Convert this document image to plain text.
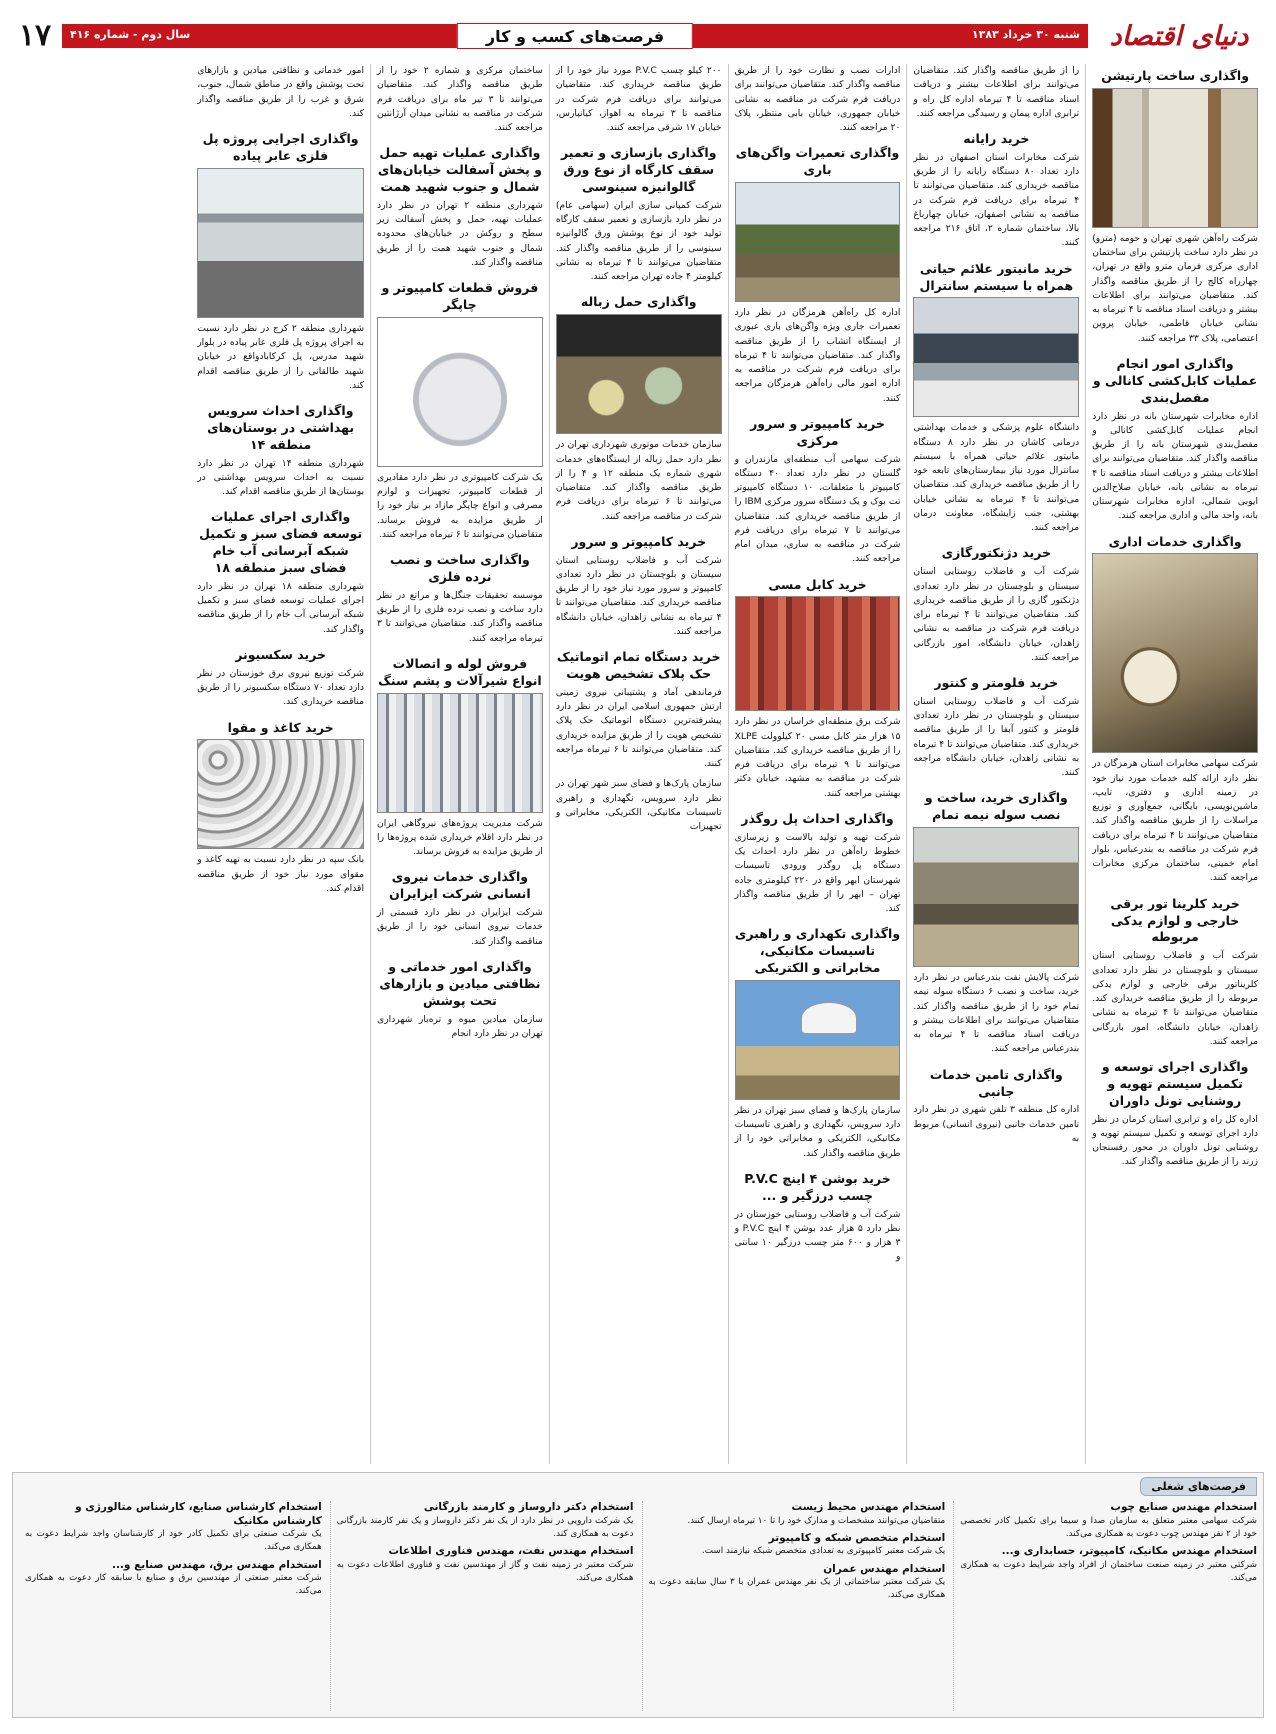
دنیای اقتصاد
شنبه ۳۰ خرداد ۱۳۸۳
فرصت‌های کسب و کار
سال دوم - شماره ۴۱۶
۱۷
واگذاری ساخت پارتیشن

شرکت راه‌آهن شهری تهران و حومه (مترو) در نظر دارد ساخت پارتیشن برای ساختمان اداری مرکزی فرمان مترو واقع در تهران، چهارراه کالج را از طریق مناقصه واگذار کند. متقاضیان می‌توانند برای اطلاعات بیشتر و دریافت اسناد مناقصه تا ۴ تیرماه به نشانی خیابان فاطمی، خیابان پروین اعتصامی، پلاک ۳۳ مراجعه کنند.

واگذاری امور انجام عملیات کابل‌کشی کانالی و مفصل‌بندی

اداره مخابرات شهرستان بانه در نظر دارد انجام عملیات کابل‌کشی کانالی و مفصل‌بندی شهرستان بانه را از طریق مناقصه واگذار کند. متقاضیان می‌توانند برای اطلاعات بیشتر و دریافت اسناد مناقصه تا ۴ تیرماه به نشانی بانه، خیابان صلاح‌الدین ایوبی شمالی، اداره مخابرات شهرستان بانه، واحد مالی و اداری مراجعه کنند.

واگذاری خدمات اداری

شرکت سهامی مخابرات استان هرمزگان در نظر دارد ارائه کلیه خدمات مورد نیاز خود در زمینه اداری و دفتری، تایپ، ماشین‌نویسی، بایگانی، جمع‌آوری و توزیع مراسلات را از طریق مناقصه واگذار کند. متقاضیان می‌توانند تا ۴ تیرماه برای دریافت فرم شرکت در مناقصه به بندرعباس، بلوار امام خمینی، ساختمان مرکزی مخابرات مراجعه کنند.

خرید کلرینا تور برقی خارجی و لوازم یدکی مربوطه

شرکت آب و فاضلاب روستایی استان سیستان و بلوچستان در نظر دارد تعدادی کلریناتور برقی خارجی و لوازم یدکی مربوطه را از طریق مناقصه خریداری کند. متقاضیان می‌توانند تا ۴ تیرماه به نشانی زاهدان، خیابان دانشگاه، امور بازرگانی مراجعه کنند.

واگذاری اجرای توسعه و تکمیل سیستم تهویه و روشنایی تونل داوران

اداره کل راه و ترابری استان کرمان در نظر دارد اجرای توسعه و تکمیل سیستم تهویه و روشنایی تونل داوران در محور رفسنجان زرند را از طریق مناقصه واگذار کند.

را از طریق مناقصه واگذار کند. متقاضیان می‌توانند برای اطلاعات بیشتر و دریافت اسناد مناقصه تا ۴ تیرماه اداره کل راه و ترابری اداره پیمان و رسیدگی مراجعه کنند.

خرید رایانه

شرکت مخابرات استان اصفهان در نظر دارد تعداد ۸۰ دستگاه رایانه را از طریق مناقصه خریداری کند. متقاضیان می‌توانند تا ۴ تیرماه برای دریافت فرم شرکت در مناقصه به نشانی اصفهان، خیابان چهارباغ بالا، ساختمان شماره ۲، اتاق ۲۱۶ مراجعه کنند.

خرید مانیتور علائم حیاتی همراه با سیستم سانترال

دانشگاه علوم پزشکی و خدمات بهداشتی درمانی کاشان در نظر دارد ۸ دستگاه مانیتور علائم حیاتی همراه با سیستم سانترال مورد نیاز بیمارستان‌های تابعه خود را از طریق مناقصه خریداری کند. متقاضیان می‌توانند تا ۴ تیرماه به نشانی خیابان بهشتی، جنب زایشگاه، معاونت درمان مراجعه کنند.

خرید دژنکتورگازی

شرکت آب و فاضلاب روستایی استان سیستان و بلوچستان در نظر دارد تعدادی دژنکتور گازی را از طریق مناقصه خریداری کند. متقاضیان می‌توانند تا ۴ تیرماه برای دریافت فرم شرکت در مناقصه به نشانی زاهدان، خیابان دانشگاه، امور بازرگانی مراجعه کنند.

خرید فلومتر و کنتور

شرکت آب و فاضلاب روستایی استان سیستان و بلوچستان در نظر دارد تعدادی فلومتر و کنتور آبفا را از طریق مناقصه خریداری کند. متقاضیان می‌توانند تا ۴ تیرماه به نشانی زاهدان، خیابان دانشگاه مراجعه کنند.

واگذاری خرید، ساخت و نصب سوله نیمه تمام

شرکت پالایش نفت بندرعباس در نظر دارد خرید، ساخت و نصب ۶ دستگاه سوله نیمه تمام خود را از طریق مناقصه واگذار کند. متقاضیان می‌توانند برای اطلاعات بیشتر و دریافت اسناد مناقصه تا ۴ تیرماه به بندرعباس مراجعه کنند.

واگذاری تامین خدمات جانبی

اداره کل منطقه ۳ تلفن شهری در نظر دارد تامین خدمات جانبی (نیروی انسانی) مربوط به

ادارات نصب و نظارت خود را از طریق مناقصه واگذار کند. متقاضیان می‌توانند برای دریافت فرم شرکت در مناقصه به نشانی خیابان جمهوری، خیابان بابی منتظر، پلاک ۲۰ مراجعه کنند.

واگذاری تعمیرات واگن‌های باری

اداره کل راه‌آهن هرمزگان در نظر دارد تعمیرات جاری ویژه واگن‌های باری عبوری از ایستگاه اتشاب را از طریق مناقصه واگذار کند. متقاضیان می‌توانند تا ۴ تیرماه برای دریافت فرم شرکت در مناقصه به اداره امور مالی راه‌آهن هرمزگان مراجعه کنند.

خرید کامپیوتر و سرور مرکزی

شرکت سهامی آب منطقه‌ای مازندران و گلستان در نظر دارد تعداد ۴۰ دستگاه کامپیوتر با متعلقات، ۱۰ دستگاه کامپیوتر تت بوک و یک دستگاه سرور مرکزی IBM را از طریق مناقصه خریداری کند. متقاضیان می‌توانند تا ۷ تیرماه برای دریافت فرم شرکت در مناقصه به ساری، میدان امام مراجعه کنند.

خرید کابل مسی

شرکت برق منطقه‌ای خراسان در نظر دارد ۱۵ هزار متر کابل مسی ۲۰ کیلوولت XLPE را از طریق مناقصه خریداری کند. متقاضیان می‌توانند تا ۹ تیرماه برای دریافت فرم شرکت در مناقصه به مشهد، خیابان دکتر بهشتی مراجعه کنند.

واگذاری احداث پل روگذر

شرکت تهیه و تولید بالاست و زیرسازی خطوط راه‌آهن در نظر دارد احداث یک دستگاه پل روگذر ورودی تاسیسات شهرستان ابهر واقع در ۲۲۰ کیلومتری جاده تهران – ابهر را از طریق مناقصه واگذار کند.

واگذاری تکهداری و راهبری تاسیسات مکانیکی، مخابراتی و الکتریکی

سازمان پارک‌ها و فضای سبز تهران در نظر دارد سرویس، نگهداری و راهبری تاسیسات مکانیکی، الکتریکی و مخابراتی خود را از طریق مناقصه واگذار کند.

خرید بوشن ۴ اینچ P.V.C چسب درزگیر و ...

شرکت آب و فاضلاب روستایی خوزستان در نظر دارد ۵ هزار عدد بوشن ۴ اینچ P.V.C و ۳ هزار و ۶۰۰ متر چسب درزگیر ۱۰ سانتی و

۲۰۰ کیلو چسب P.V.C مورد نیاز خود را از طریق مناقصه خریداری کند. متقاضیان می‌توانند برای دریافت فرم شرکت در مناقصه تا ۳ تیرماه به اهواز، کیانپارس، خیابان ۱۷ شرقی مراجعه کنند.

واگذاری بازسازی و تعمیر سقف کارگاه از نوع ورق گالوانیزه سینوسی

شرکت کمپانی سازی ایران (سهامی عام) در نظر دارد بازسازی و تعمیر سقف کارگاه تولید خود از نوع پوشش ورق گالوانیزه سینوسی را از طریق مناقصه واگذار کند. متقاضیان می‌توانند تا ۴ تیرماه به نشانی کیلومتر ۴ جاده تهران مراجعه کنند.

واگذاری حمل زباله

سازمان خدمات موتوری شهرداری تهران در نظر دارد حمل زباله از ایستگاه‌های خدمات شهری شماره یک منطقه ۱۲ و ۴ را از طریق مناقصه واگذار کند. متقاضیان می‌توانند تا ۶ تیرماه برای دریافت فرم شرکت در مناقصه مراجعه کنند.

خرید کامپیوتر و سرور

شرکت آب و فاضلاب روستایی استان سیستان و بلوچستان در نظر دارد تعدادی کامپیوتر و سرور مورد نیاز خود را از طریق مناقصه خریداری کند. متقاضیان می‌توانند تا ۴ تیرماه به نشانی زاهدان، خیابان دانشگاه مراجعه کنند.

خرید دستگاه تمام اتوماتیک حک پلاک تشخیص هویت

فرماندهی آماد و پشتیبانی نیروی زمینی ارتش جمهوری اسلامی ایران در نظر دارد پیشرفته‌ترین دستگاه اتوماتیک حک پلاک تشخیص هویت را از طریق مزایده خریداری کند. متقاضیان می‌توانند تا ۶ تیرماه مراجعه کنند.

سازمان پارک‌ها و فضای سبز شهر تهران در نظر دارد سرویس، نگهداری و راهبری تاسیسات مکانیکی، الکتریکی، مخابراتی و تجهیزات

ساختمان مرکزی و شماره ۲ خود را از طریق مناقصه واگذار کند. متقاضیان می‌توانند تا ۳ تیر ماه برای دریافت فرم شرکت در مناقصه به نشانی میدان آرژانتین مراجعه کنند.

واگذاری عملیات تهیه حمل و پخش آسفالت خیابان‌های شمال و جنوب شهید همت

شهرداری منطقه ۲ تهران در نظر دارد عملیات تهیه، حمل و پخش آسفالت زیر سطح و روکش در خیابان‌های محدوده شمال و جنوب شهید همت را از طریق مناقصه واگذار کند.

فروش قطعات کامپیوتر و چاپگر

یک شرکت کامپیوتری در نظر دارد مقادیری از قطعات کامپیوتر، تجهیزات و لوازم مصرفی و انواع چاپگر مازاد بر نیاز خود را از طریق مزایده به فروش برساند. متقاضیان می‌توانند تا ۶ تیرماه مراجعه کنند.

واگذاری ساخت و نصب نرده فلزی

موسسه تحقیقات جنگل‌ها و مراتع در نظر دارد ساخت و نصب نرده فلزی را از طریق مناقصه واگذار کند. متقاضیان می‌توانند تا ۳ تیرماه مراجعه کنند.

فروش لوله و اتصالات انواع شیرآلات و پشم سنگ

شرکت مدیریت پروژه‌های نیروگاهی ایران در نظر دارد اقلام خریداری شده پروژه‌ها را از طریق مزایده به فروش برساند.

واگذاری خدمات نیروی انسانی شرکت ایزایران

شرکت ایزایران در نظر دارد قسمتی از خدمات نیروی انسانی خود را از طریق مناقصه واگذار کند.

واگذاری امور خدماتی و نظافتی میادین و بازارهای تحت پوشش

سازمان میادین میوه و تره‌بار شهرداری تهران در نظر دارد انجام

امور خدماتی و نظافتی میادین و بازارهای تحت پوشش واقع در مناطق شمال، جنوب، شرق و غرب را از طریق مناقصه واگذار کند.

واگذاری اجرایی پروژه پل فلزی عابر پیاده

شهرداری منطقه ۲ کرج در نظر دارد نسبت به اجرای پروژه پل فلزی عابر پیاده در بلوار شهید مدرس، پل کرکابادواقع در خیابان شهید طالقانی را از طریق مناقصه اقدام کند.

واگذاری احداث سرویس بهداشتی در بوستان‌های منطقه ۱۴

شهرداری منطقه ۱۴ تهران در نظر دارد نسبت به احداث سرویس بهداشتی در بوستان‌ها از طریق مناقصه اقدام کند.

واگذاری اجرای عملیات توسعه فضای سبز و تکمیل شبکه آبرسانی آب خام فضای سبز منطقه ۱۸

شهرداری منطقه ۱۸ تهران در نظر دارد اجرای عملیات توسعه فضای سبز و تکمیل شبکه آبرسانی آب خام را از طریق مناقصه واگذار کند.

خرید سکسیونر

شرکت توزیع نیروی برق خوزستان در نظر دارد تعداد ۷۰ دستگاه سکسیونر را از طریق مناقصه خریداری کند.

خرید کاغذ و مقوا

بانک سپه در نظر دارد نسبت به تهیه کاغذ و مقوای مورد نیاز خود از طریق مناقصه اقدام کند.

فرصت‌های شغلی
استخدام مهندس صنایع چوب

شرکت سهامی معتبر متعلق به سازمان صدا و سیما برای تکمیل کادر تخصصی خود از ۲ نفر مهندس چوب دعوت به همکاری می‌کند.

استخدام مهندس مکانیک، کامپیوتر، حسابداری و...

شرکتی معتبر در زمینه صنعت ساختمان از افراد واجد شرایط دعوت به همکاری می‌کند.

استخدام مهندس محیط زیست

متقاضیان می‌توانند مشخصات و مدارک خود را تا ۱۰ تیرماه ارسال کنند.

استخدام متخصص شبکه و کامپیوتر

یک شرکت معتبر کامپیوتری به تعدادی متخصص شبکه نیازمند است.

استخدام مهندس عمران

یک شرکت معتبر ساختمانی از یک نفر مهندس عمران با ۳ سال سابقه دعوت به همکاری می‌کند.

استخدام دکتر داروساز و کارمند بازرگانی

یک شرکت دارویی در نظر دارد از یک نفر دکتر داروساز و یک نفر کارمند بازرگانی دعوت به همکاری کند.

استخدام مهندس نفت، مهندس فناوری اطلاعات

شرکت معتبر در زمینه نفت و گاز از مهندسین نفت و فناوری اطلاعات دعوت به همکاری می‌کند.

استخدام کارشناس صنایع، کارشناس متالورژی و کارشناس مکانیک

یک شرکت صنعتی برای تکمیل کادر خود از کارشناسان واجد شرایط دعوت به همکاری می‌کند.

استخدام مهندس برق، مهندس صنایع و...

شرکت معتبر صنعتی از مهندسین برق و صنایع با سابقه کار دعوت به همکاری می‌کند.
